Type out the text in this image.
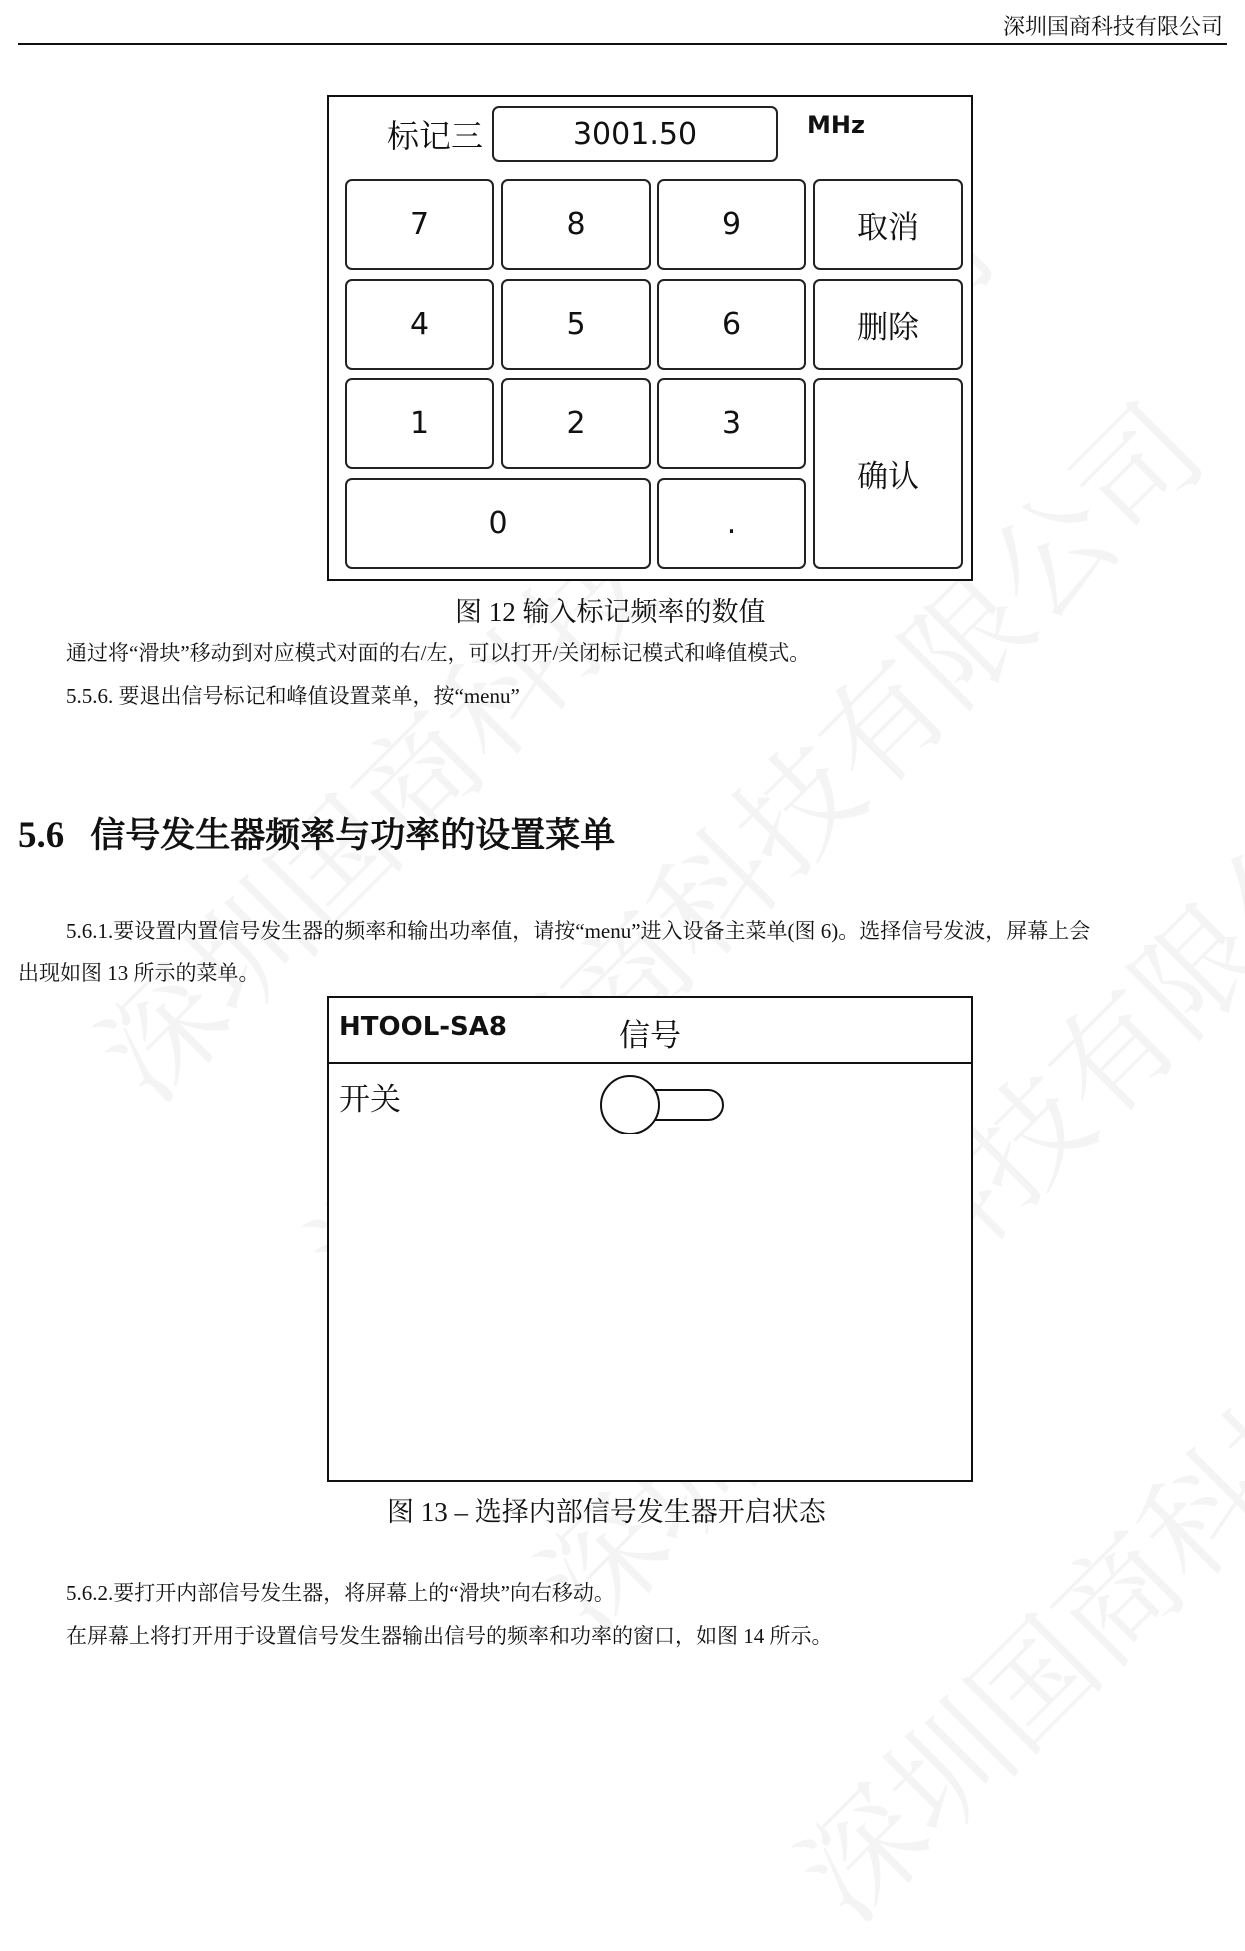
深圳国商科技有限公司
标记三	3001.50	MHz
7	8	9	取消
4	5	6	删除
1	2	3
确认
0	.
图 12 输入标记频率的数值
通过将“滑块”移动到对应模式对面的右/左，可以打开/关闭标记模式和峰值模式。
5.5.6. 要退出信号标记和峰值设置菜单，按“menu”
5.6 信号发生器频率与功率的设置菜单
5.6.1.要设置内置信号发生器的频率和输出功率值，请按“menu”进入设备主菜单(图 6)。选择信号发波，屏幕上会
出现如图 13 所示的菜单。
HTOOL-SA8	信号
开关
图 13 – 选择内部信号发生器开启状态
5.6.2.要打开内部信号发生器，将屏幕上的“滑块”向右移动。
在屏幕上将打开用于设置信号发生器输出信号的频率和功率的窗口，如图 14 所示。
